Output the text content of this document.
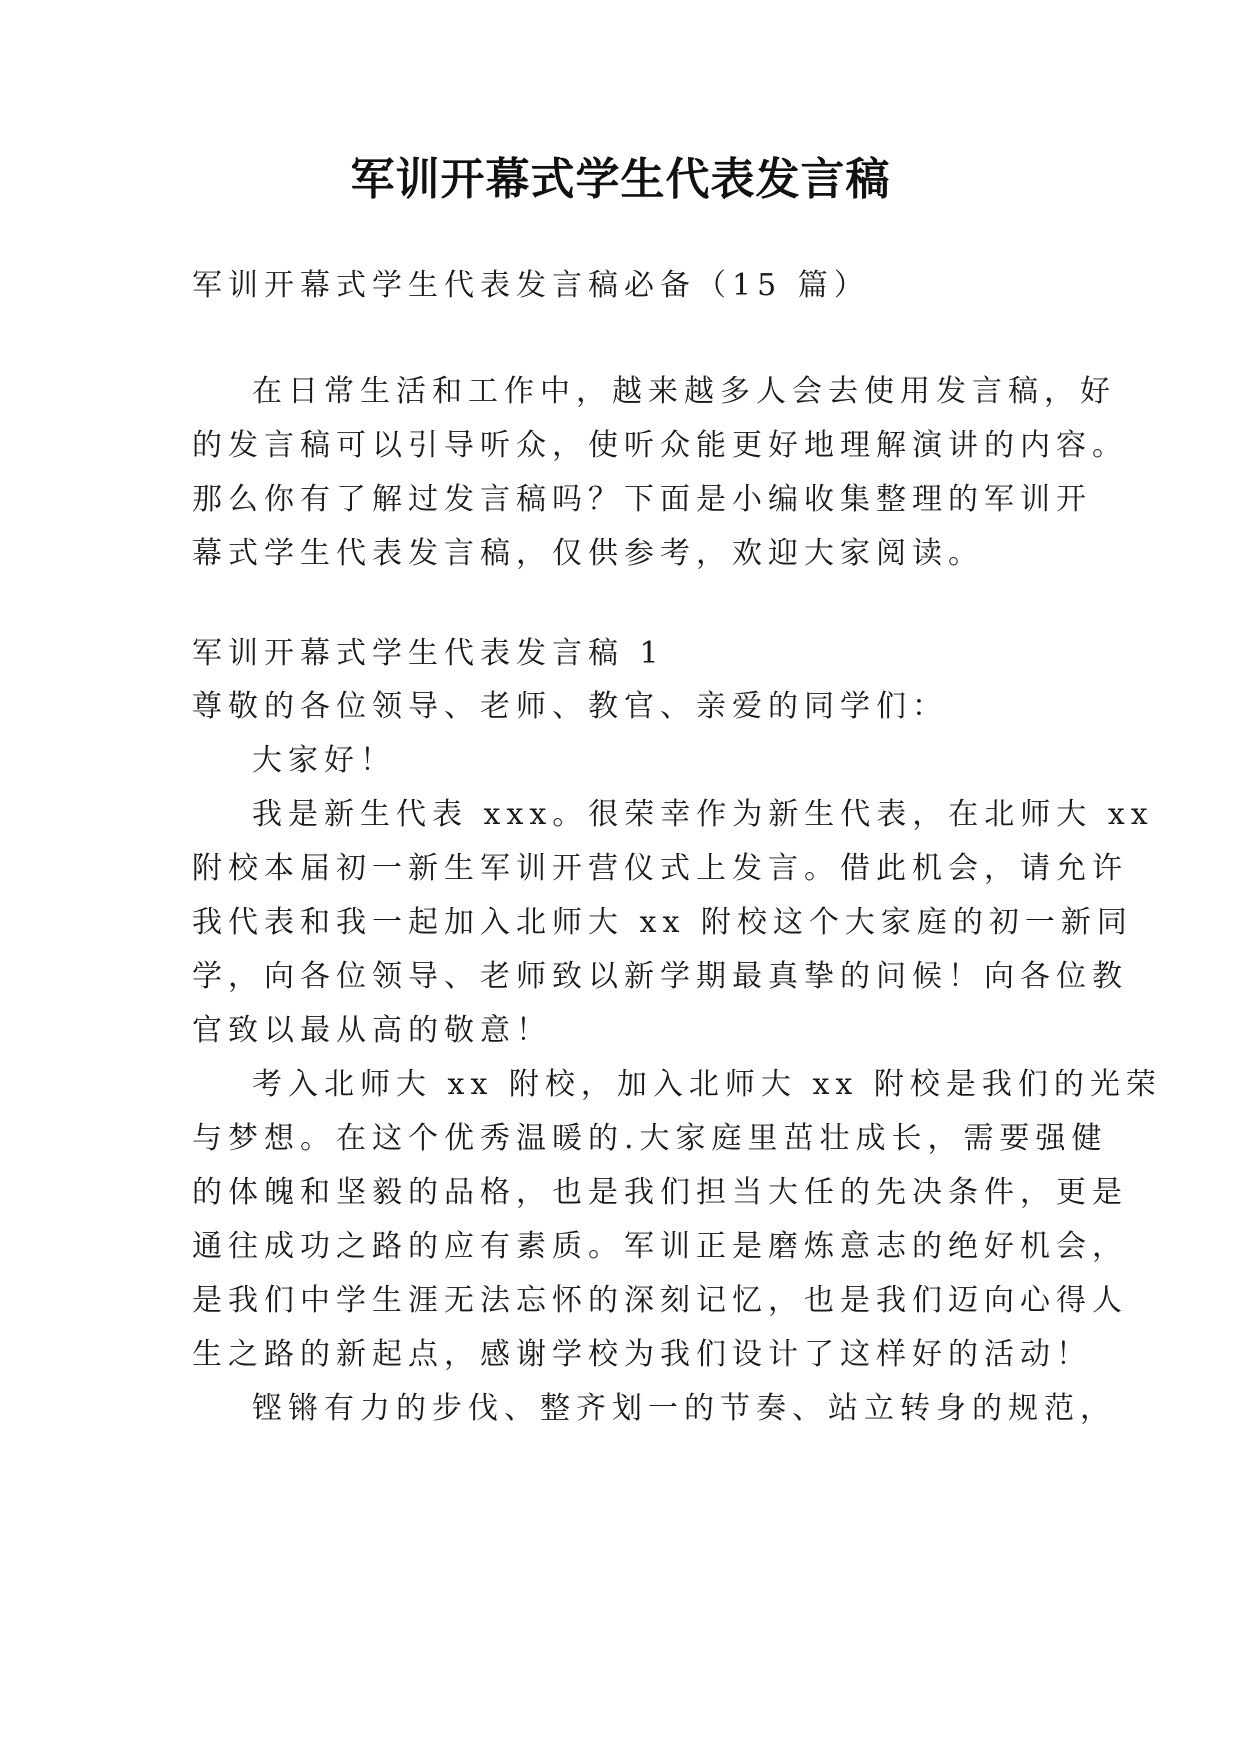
军训开幕式学生代表发言稿
军训开幕式学生代表发言稿必备（15 篇）
在日常生活和工作中，越来越多人会去使用发言稿，好
的发言稿可以引导听众，使听众能更好地理解演讲的内容。
那么你有了解过发言稿吗？下面是小编收集整理的军训开
幕式学生代表发言稿，仅供参考，欢迎大家阅读。
军训开幕式学生代表发言稿 1
尊敬的各位领导、老师、教官、亲爱的同学们：
大家好！
我是新生代表 xxx。很荣幸作为新生代表，在北师大 xx
附校本届初一新生军训开营仪式上发言。借此机会，请允许
我代表和我一起加入北师大 xx 附校这个大家庭的初一新同
学，向各位领导、老师致以新学期最真挚的问候！向各位教
官致以最从高的敬意！
考入北师大 xx 附校，加入北师大 xx 附校是我们的光荣
与梦想。在这个优秀温暖的.大家庭里茁壮成长，需要强健
的体魄和坚毅的品格，也是我们担当大任的先决条件，更是
通往成功之路的应有素质。军训正是磨炼意志的绝好机会，
是我们中学生涯无法忘怀的深刻记忆，也是我们迈向心得人
生之路的新起点，感谢学校为我们设计了这样好的活动！
铿锵有力的步伐、整齐划一的节奏、站立转身的规范，
